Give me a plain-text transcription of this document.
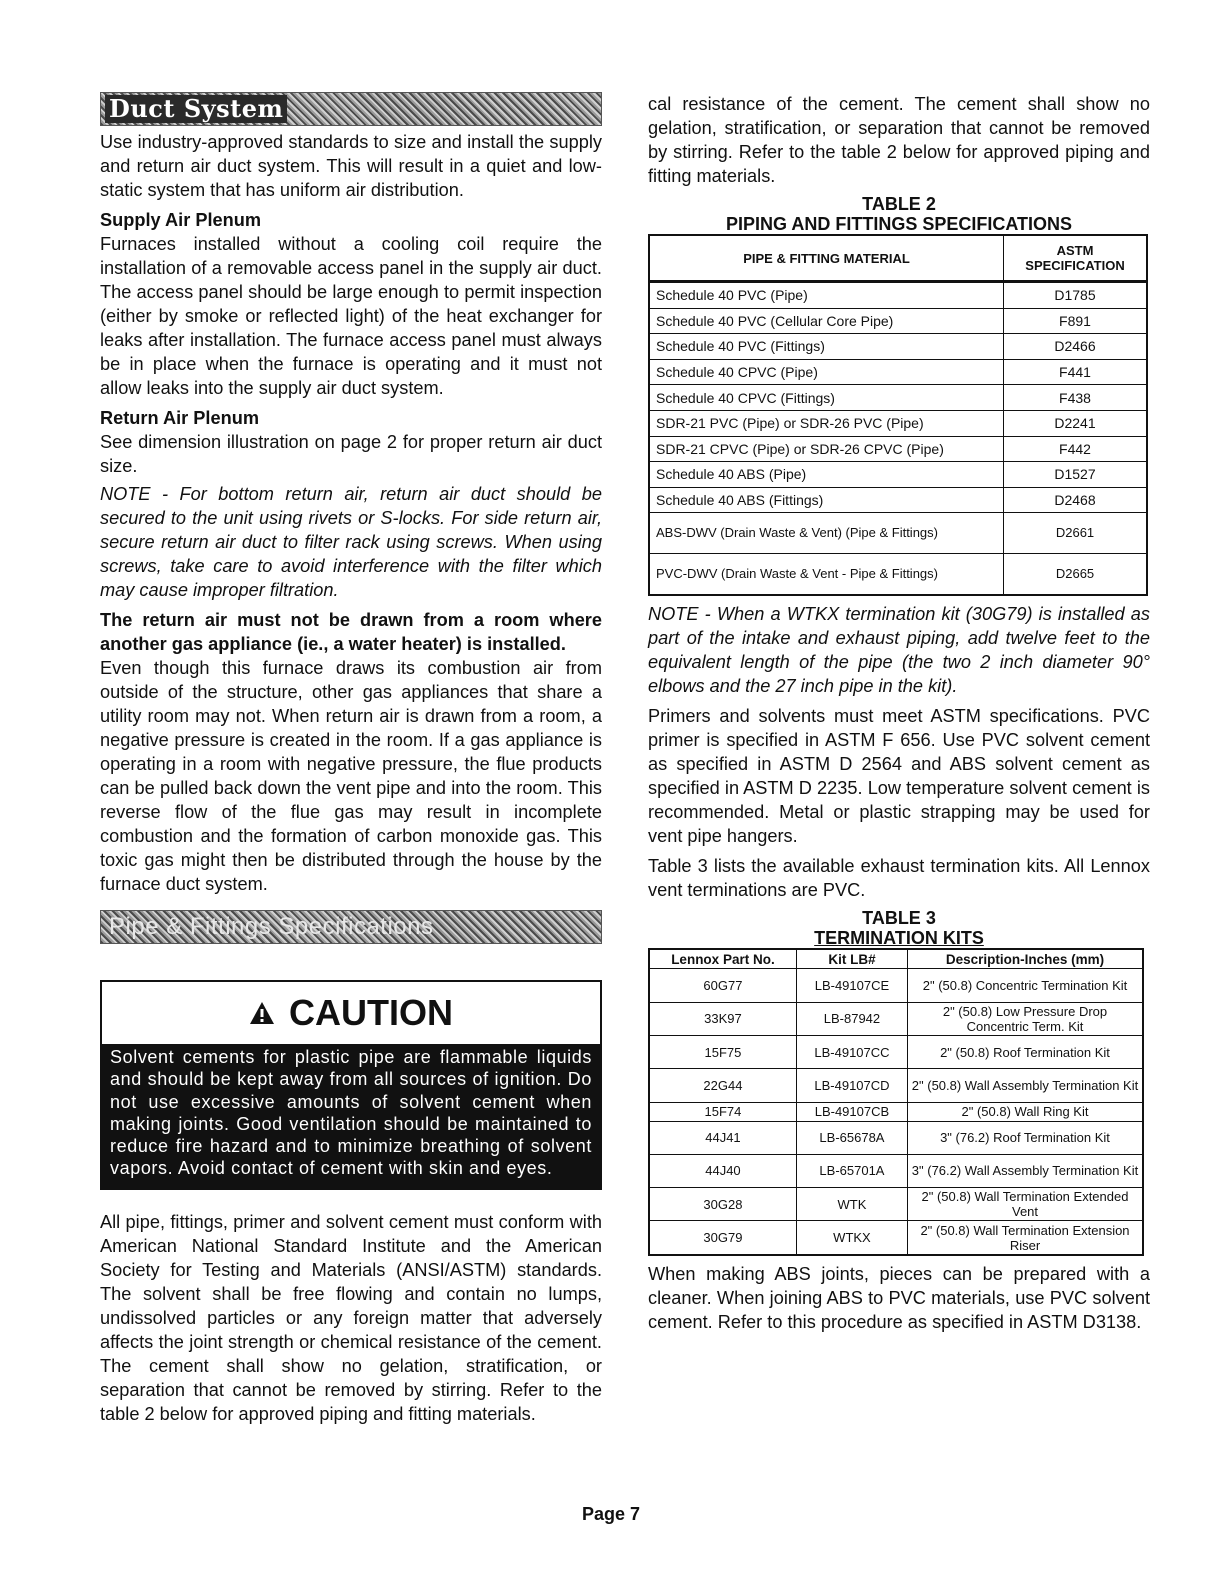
Duct System

Use industry-approved standards to size and install the supply and return air duct system. This will result in a quiet and low-static system that has uniform air distribution.

Supply Air Plenum

Furnaces installed without a cooling coil require the installation of a removable access panel in the supply air duct. The access panel should be large enough to permit inspection (either by smoke or reflected light) of the heat exchanger for leaks after installation. The furnace access panel must always be in place when the furnace is operating and it must not allow leaks into the supply air duct system.

Return Air Plenum

See dimension illustration on page 2 for proper return air duct size.

NOTE - For bottom return air, return air duct should be secured to the unit using rivets or S-locks. For side return air, secure return air duct to filter rack using screws. When using screws, take care to avoid interference with the filter which may cause improper filtration.

The return air must not be drawn from a room where another gas appliance (ie., a water heater) is installed.

Even though this furnace draws its combustion air from outside of the structure, other gas appliances that share a utility room may not. When return air is drawn from a room, a negative pressure is created in the room. If a gas appliance is operating in a room with negative pressure, the flue products can be pulled back down the vent pipe and into the room. This reverse flow of the flue gas may result in incomplete combustion and the formation of carbon monoxide gas. This toxic gas might then be distributed through the house by the furnace duct system.

Pipe & Fittings Specifications
CAUTION
Solvent cements for plastic pipe are flammable liquids and should be kept away from all sources of ignition. Do not use excessive amounts of solvent cement when making joints. Good ventilation should be maintained to reduce fire hazard and to minimize breathing of solvent vapors. Avoid contact of cement with skin and eyes.

All pipe, fittings, primer and solvent cement must conform with American National Standard Institute and the American Society for Testing and Materials (ANSI/ASTM) standards. The solvent shall be free flowing and contain no lumps, undissolved particles or any foreign matter that adversely affects the joint strength or chemical resistance of the cement. The cement shall show no gelation, stratification, or separation that cannot be removed by stirring. Refer to the table 2 below for approved piping and fitting materials.

cal resistance of the cement. The cement shall show no gelation, stratification, or separation that cannot be removed by stirring. Refer to the table 2 below for approved piping and fitting materials.

TABLE 2
PIPING AND FITTINGS SPECIFICATIONS
PIPE & FITTING MATERIAL	ASTM SPECIFICATION
Schedule 40 PVC (Pipe)	D1785
Schedule 40 PVC (Cellular Core Pipe)	F891
Schedule 40 PVC (Fittings)	D2466
Schedule 40 CPVC (Pipe)	F441
Schedule 40 CPVC (Fittings)	F438
SDR-21 PVC (Pipe) or SDR-26 PVC (Pipe)	D2241
SDR-21 CPVC (Pipe) or SDR-26 CPVC (Pipe)	F442
Schedule 40 ABS (Pipe)	D1527
Schedule 40 ABS (Fittings)	D2468
ABS-DWV (Drain Waste & Vent) (Pipe & Fittings)	D2661
PVC-DWV (Drain Waste & Vent - Pipe & Fittings)	D2665

NOTE - When a WTKX termination kit (30G79) is installed as part of the intake and exhaust piping, add twelve feet to the equivalent length of the pipe (the two 2 inch diameter 90° elbows and the 27 inch pipe in the kit).

Primers and solvents must meet ASTM specifications. PVC primer is specified in ASTM F 656. Use PVC solvent cement as specified in ASTM D 2564 and ABS solvent cement as specified in ASTM D 2235. Low temperature solvent cement is recommended. Metal or plastic strapping may be used for vent pipe hangers.

Table 3 lists the available exhaust termination kits. All Lennox vent terminations are PVC.

TABLE 3
TERMINATION KITS
Lennox Part No.	Kit LB#	Description-Inches (mm)
60G77	LB-49107CE	2" (50.8) Concentric Termination Kit
33K97	LB-87942	2" (50.8) Low Pressure Drop Concentric Term. Kit
15F75	LB-49107CC	2" (50.8) Roof Termination Kit
22G44	LB-49107CD	2" (50.8) Wall Assembly Termination Kit
15F74	LB-49107CB	2" (50.8) Wall Ring Kit
44J41	LB-65678A	3" (76.2) Roof Termination Kit
44J40	LB-65701A	3" (76.2) Wall Assembly Termination Kit
30G28	WTK	2" (50.8) Wall Termination Extended Vent
30G79	WTKX	2" (50.8) Wall Termination Extension Riser

When making ABS joints, pieces can be prepared with a cleaner. When joining ABS to PVC materials, use PVC solvent cement. Refer to this procedure as specified in ASTM D3138.

Page 7
